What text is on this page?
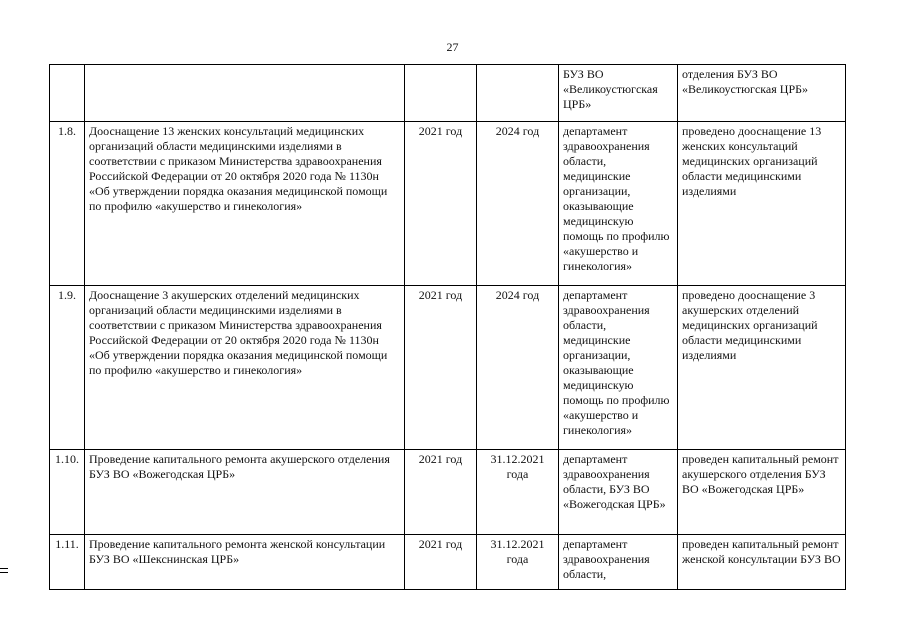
27
				БУЗ ВО «Великоустюгская ЦРБ»	отделения БУЗ ВО «Великоустюгская ЦРБ»
1.8.	Дооснащение 13 женских консультаций медицинских организаций области медицинскими изделиями в соответствии с приказом Министерства здравоохранения Российской Федерации от 20 октября 2020 года № 1130н «Об утверждении порядка оказания медицинской помощи по профилю «акушерство и гинекология»	2021 год	2024 год	департамент здравоохранения области, медицинские организации, оказывающие медицинскую помощь по профилю «акушерство и гинекология»	проведено дооснащение 13 женских консультаций медицинских организаций области медицинскими изделиями
1.9.	Дооснащение 3 акушерских отделений медицинских организаций области медицинскими изделиями в соответствии с приказом Министерства здравоохранения Российской Федерации от 20 октября 2020 года № 1130н «Об утверждении порядка оказания медицинской помощи по профилю «акушерство и гинекология»	2021 год	2024 год	департамент здравоохранения области, медицинские организации, оказывающие медицинскую помощь по профилю «акушерство и гинекология»	проведено дооснащение 3 акушерских отделений медицинских организаций области медицинскими изделиями
1.10.	Проведение капитального ремонта акушерского отделения БУЗ ВО «Вожегодская ЦРБ»	2021 год	31.12.2021 года	департамент здравоохранения области, БУЗ ВО «Вожегодская ЦРБ»	проведен капитальный ремонт акушерского отделения БУЗ ВО «Вожегодская ЦРБ»
1.11.	Проведение капитального ремонта женской консультации БУЗ ВО «Шекснинская ЦРБ»	2021 год	31.12.2021 года	департамент здравоохранения области,	проведен капитальный ремонт женской консультации БУЗ ВО
